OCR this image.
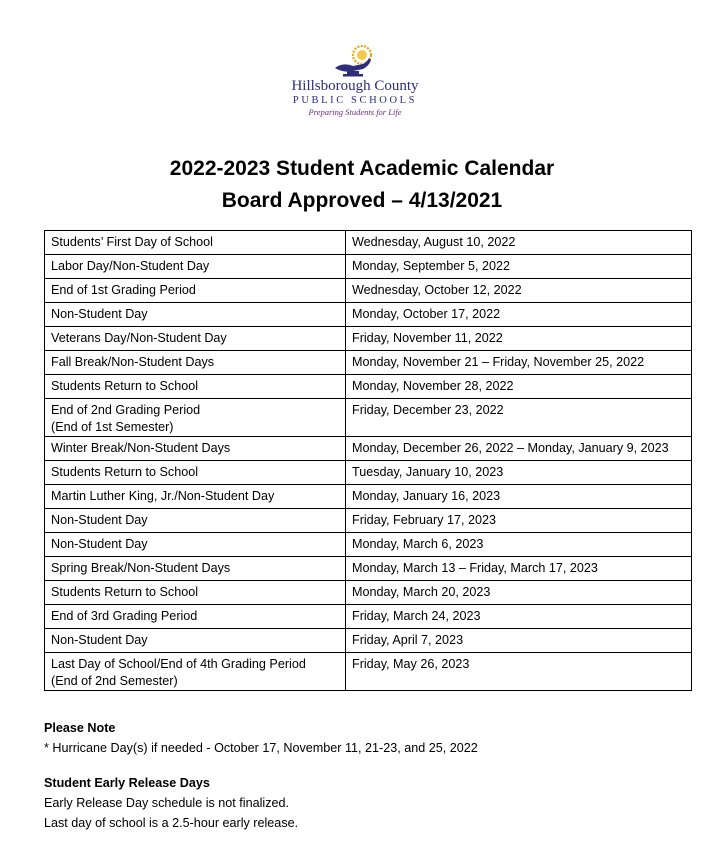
Hillsborough County
PUBLIC SCHOOLS
Preparing Students for Life
2022-2023 Student Academic Calendar
Board Approved – 4/13/2021
Students’ First Day of School	Wednesday, August 10, 2022

Labor Day/Non-Student Day	Monday, September 5, 2022

End of 1st Grading Period	Wednesday, October 12, 2022

Non-Student Day	Monday, October 17, 2022

Veterans Day/Non-Student Day	Friday, November 11, 2022

Fall Break/Non-Student Days	Monday, November 21 – Friday, November 25, 2022

Students Return to School	Monday, November 28, 2022

End of 2nd Grading Period
(End of 1st Semester)	Friday, December 23, 2022

Winter Break/Non-Student Days	Monday, December 26, 2022 – Monday, January 9, 2023

Students Return to School	Tuesday, January 10, 2023

Martin Luther King, Jr./Non-Student Day	Monday, January 16, 2023

Non-Student Day	Friday, February 17, 2023

Non-Student Day	Monday, March 6, 2023

Spring Break/Non-Student Days	Monday, March 13 – Friday, March 17, 2023

Students Return to School	Monday, March 20, 2023

End of 3rd Grading Period	Friday, March 24, 2023

Non-Student Day	Friday, April 7, 2023

Last Day of School/End of 4th Grading Period
(End of 2nd Semester)	Friday, May 26, 2023
Please Note
* Hurricane Day(s) if needed - October 17, November 11, 21-23, and 25, 2022
Student Early Release Days
Early Release Day schedule is not finalized.
Last day of school is a 2.5-hour early release.
